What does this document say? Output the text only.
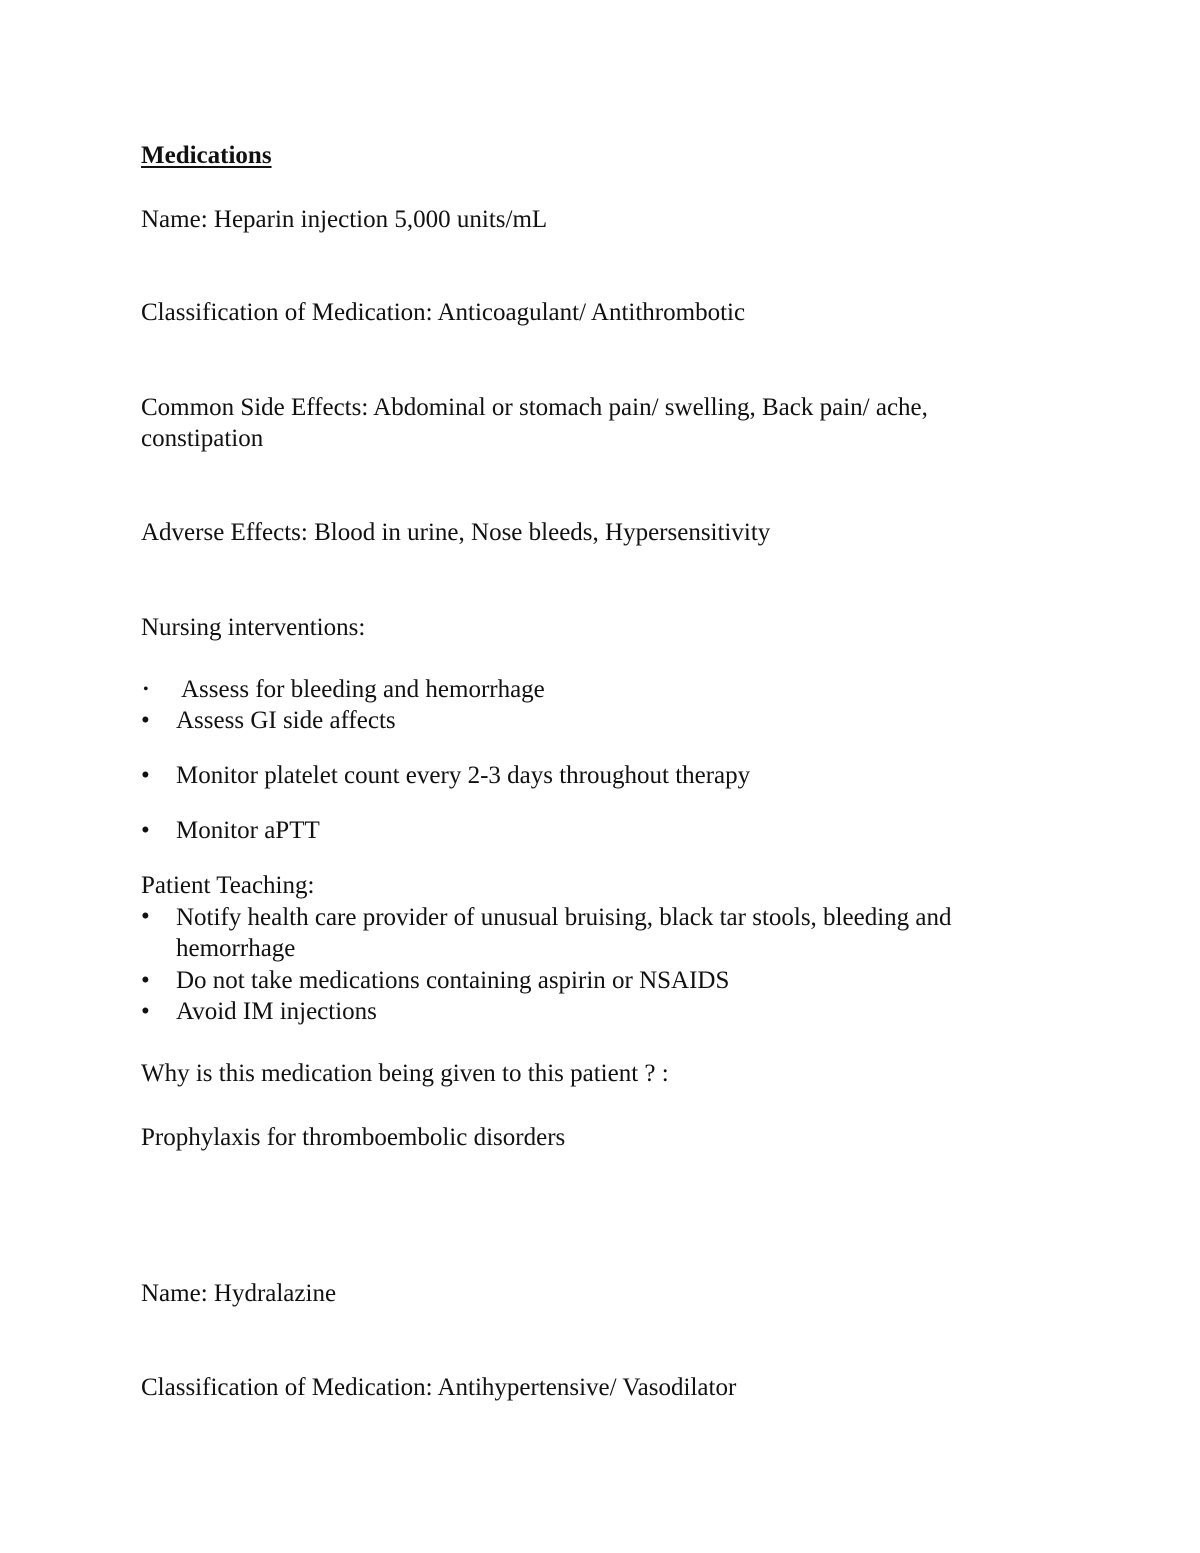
Medications
Name: Heparin injection 5,000 units/mL
Classification of Medication: Anticoagulant/ Antithrombotic
Common Side Effects: Abdominal or stomach pain/ swelling, Back pain/ ache,
constipation
Adverse Effects: Blood in urine, Nose bleeds, Hypersensitivity
Nursing interventions:
• Assess for bleeding and hemorrhage
• Assess GI side affects
• Monitor platelet count every 2-3 days throughout therapy
• Monitor aPTT
Patient Teaching:
• Notify health care provider of unusual bruising, black tar stools, bleeding and hemorrhage
• Do not take medications containing aspirin or NSAIDS
• Avoid IM injections
Why is this medication being given to this patient ? :
Prophylaxis for thromboembolic disorders
Name: Hydralazine
Classification of Medication: Antihypertensive/ Vasodilator
